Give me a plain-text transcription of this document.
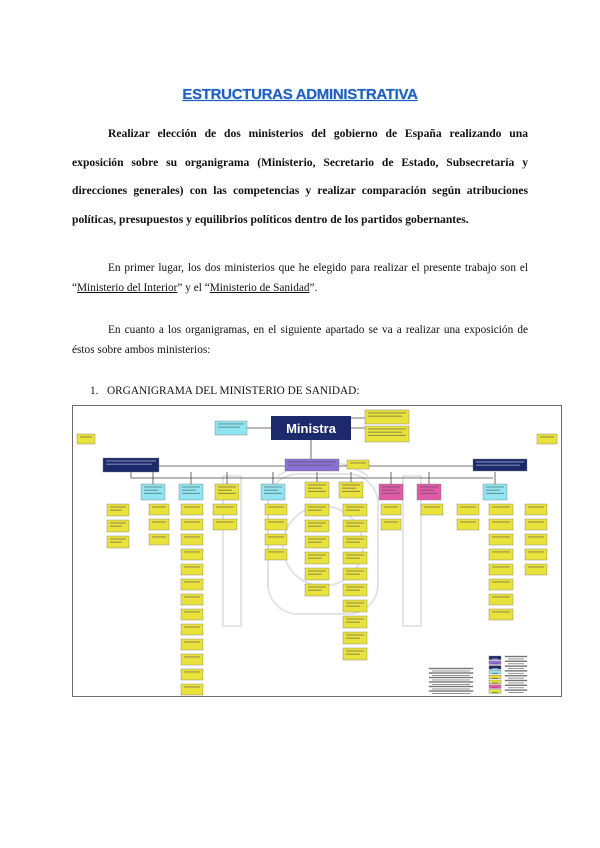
ESTRUCTURAS ADMINISTRATIVA
Realizar elección de dos ministerios del gobierno de España realizando una exposición sobre su organigrama (Ministerio, Secretario de Estado, Subsecretaría y direcciones generales) con las competencias y realizar comparación según atribuciones políticas, presupuestos y equilibrios políticos dentro de los partidos gobernantes.
En primer lugar, los dos ministerios que he elegido para realizar el presente trabajo son el “Ministerio del Interior” y el “Ministerio de Sanidad”.
En cuanto a los organigramas, en el siguiente apartado se va a realizar una exposición de éstos sobre ambos ministerios:
1. ORGANIGRAMA DEL MINISTERIO DE SANIDAD:
Ministra
